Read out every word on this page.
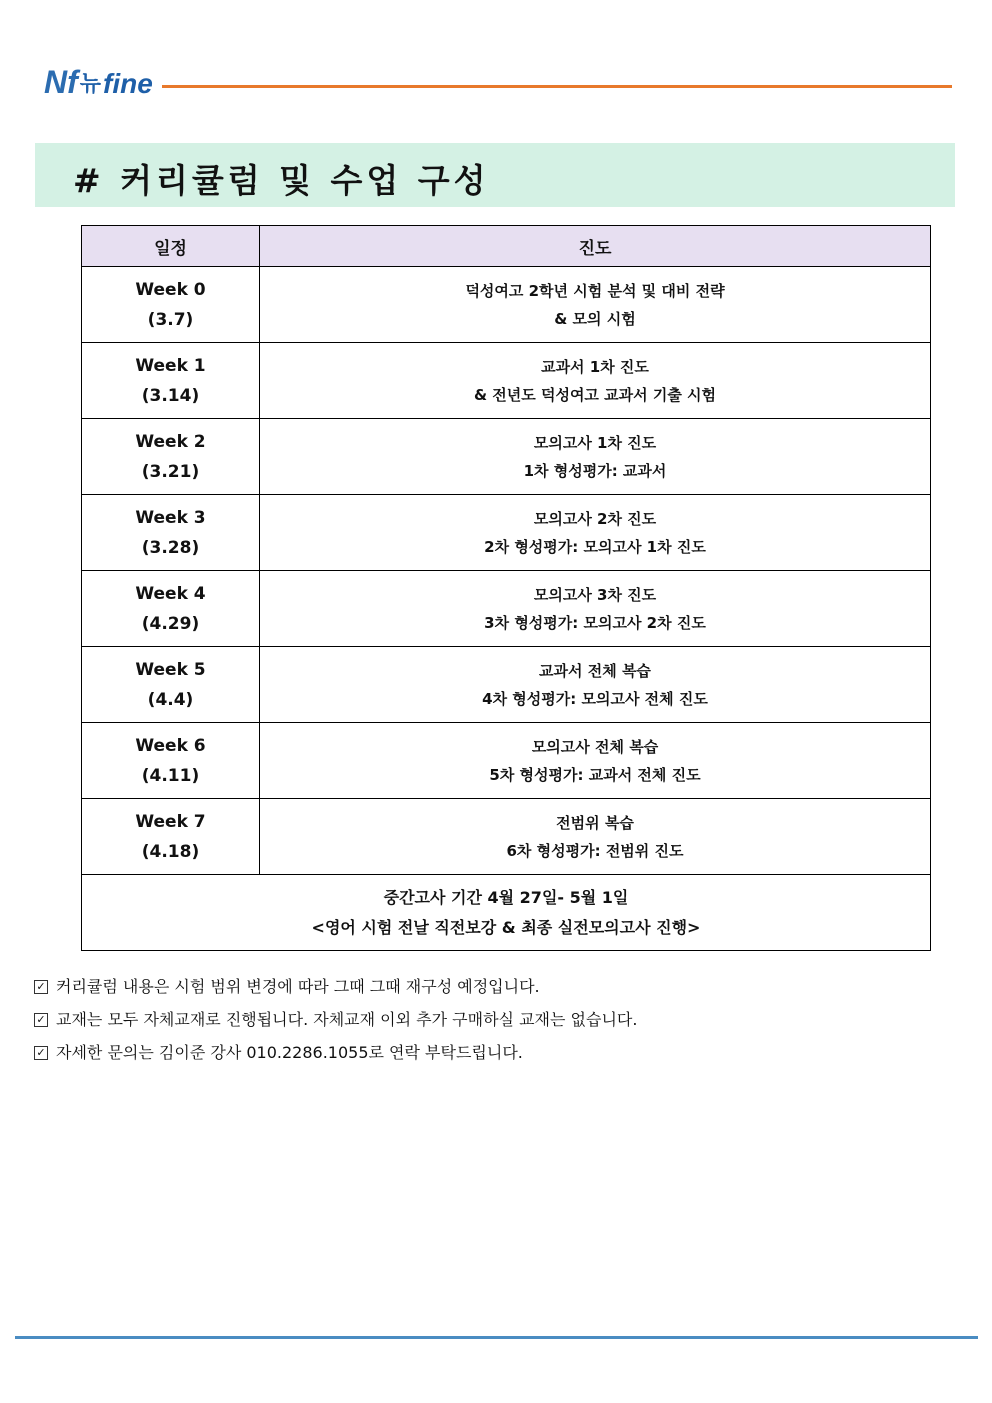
Nf 뉴 fine
# 커리큘럼 및 수업 구성
일정	진도

Week 0
(3.7)	덕성여고 2학년 시험 분석 및 대비 전략
& 모의 시험

Week 1
(3.14)	교과서 1차 진도
& 전년도 덕성여고 교과서 기출 시험

Week 2
(3.21)	모의고사 1차 진도
1차 형성평가: 교과서

Week 3
(3.28)	모의고사 2차 진도
2차 형성평가: 모의고사 1차 진도

Week 4
(4.29)	모의고사 3차 진도
3차 형성평가: 모의고사 2차 진도

Week 5
(4.4)	교과서 전체 복습
4차 형성평가: 모의고사 전체 진도

Week 6
(4.11)	모의고사 전체 복습
5차 형성평가: 교과서 전체 진도

Week 7
(4.18)	전범위 복습
6차 형성평가: 전범위 진도

중간고사 기간 4월 27일- 5월 1일
<영어 시험 전날 직전보강 & 최종 실전모의고사 진행>	
✓ 커리큘럼 내용은 시험 범위 변경에 따라 그때 그때 재구성 예정입니다.
✓ 교재는 모두 자체교재로 진행됩니다. 자체교재 이외 추가 구매하실 교재는 없습니다.
✓ 자세한 문의는 김이준 강사 010.2286.1055로 연락 부탁드립니다.
